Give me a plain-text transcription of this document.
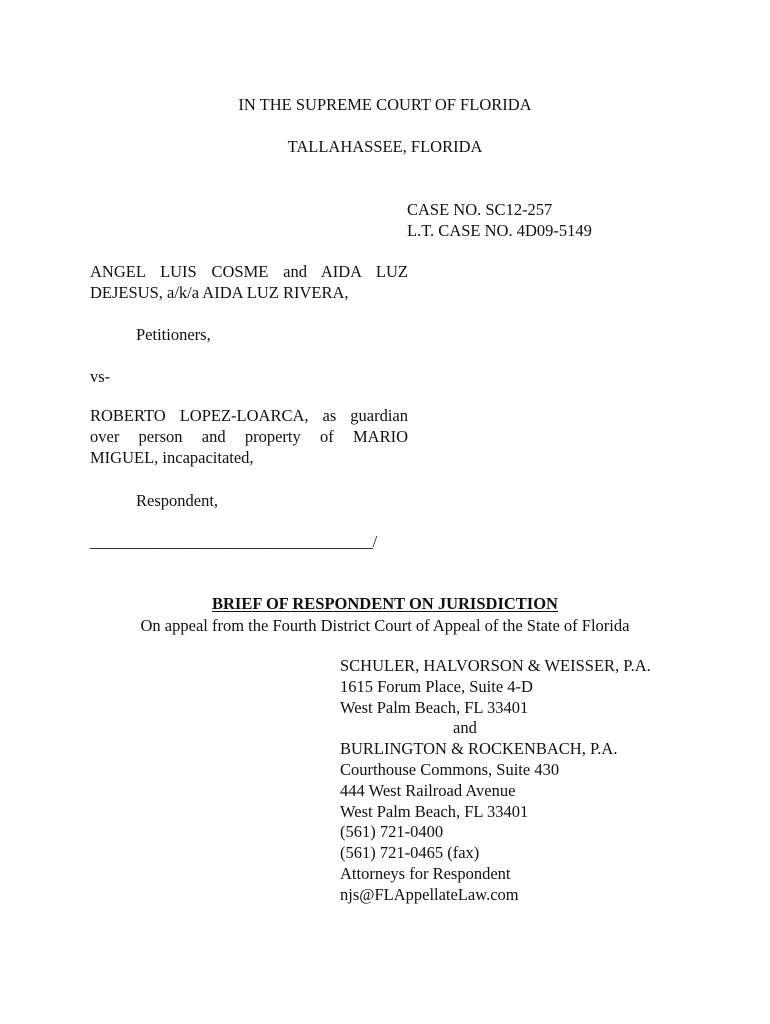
IN THE SUPREME COURT OF FLORIDA
TALLAHASSEE, FLORIDA
CASE NO. SC12-257
L.T. CASE NO. 4D09-5149
ANGEL LUIS COSME and AIDA LUZ
DEJESUS, a/k/a AIDA LUZ RIVERA,
Petitioners,
vs-
ROBERTO LOPEZ-LOARCA, as guardian
over person and property of MARIO
MIGUEL, incapacitated,
Respondent,
____________________________________/
BRIEF OF RESPONDENT ON JURISDICTION
On appeal from the Fourth District Court of Appeal of the State of Florida
SCHULER, HALVORSON & WEISSER, P.A.
1615 Forum Place, Suite 4-D
West Palm Beach, FL 33401
and
BURLINGTON & ROCKENBACH, P.A.
Courthouse Commons, Suite 430
444 West Railroad Avenue
West Palm Beach, FL 33401
(561) 721-0400
(561) 721-0465 (fax)
Attorneys for Respondent
njs@FLAppellateLaw.com
